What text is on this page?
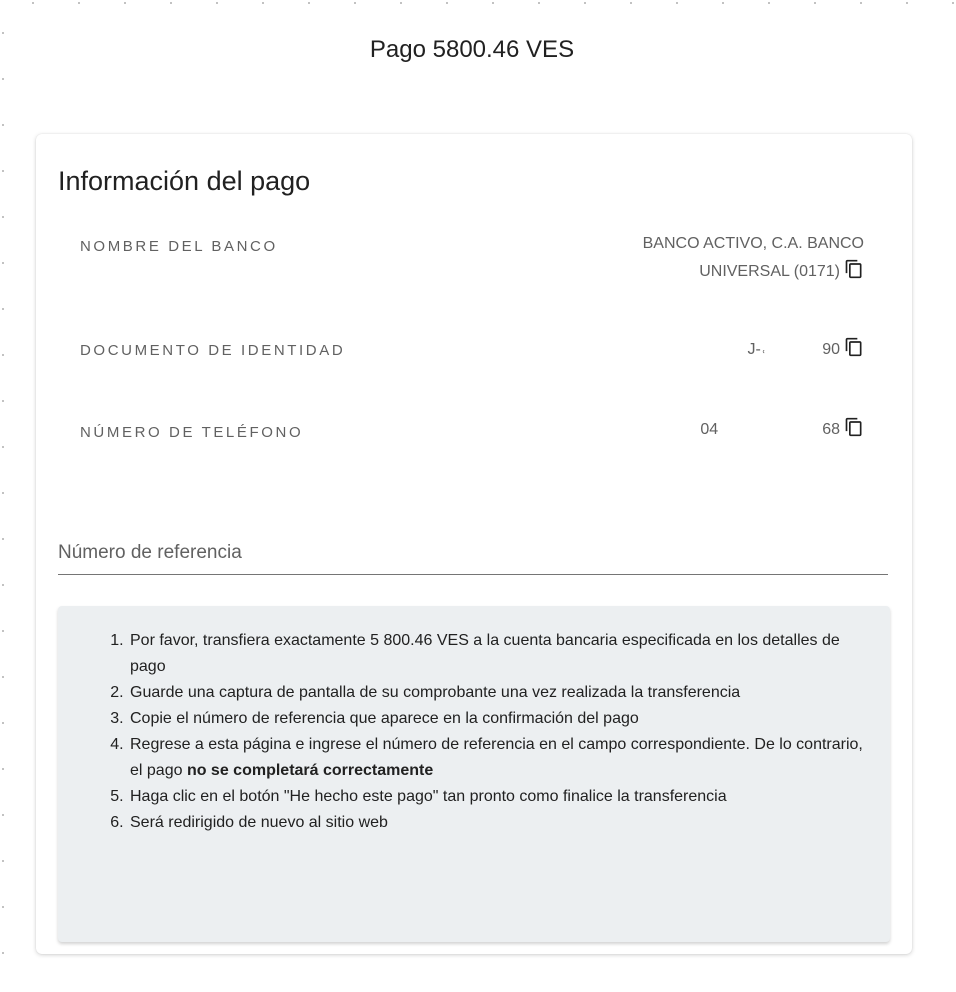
Pago 5800.46 VES
Información del pago
NOMBRE DEL BANCO	BANCO ACTIVO, C.A. BANCO
UNIVERSAL (0171)
DOCUMENTO DE IDENTIDAD	J-˓	90
NÚMERO DE TELÉFONO	04	68
Número de referencia
1. Por favor, transfiera exactamente 5 800.46 VES a la cuenta bancaria especificada en los detalles de pago
2. Guarde una captura de pantalla de su comprobante una vez realizada la transferencia
3. Copie el número de referencia que aparece en la confirmación del pago
4. Regrese a esta página e ingrese el número de referencia en el campo correspondiente. De lo contrario, el pago no se completará correctamente
5. Haga clic en el botón "He hecho este pago" tan pronto como finalice la transferencia
6. Será redirigido de nuevo al sitio web
